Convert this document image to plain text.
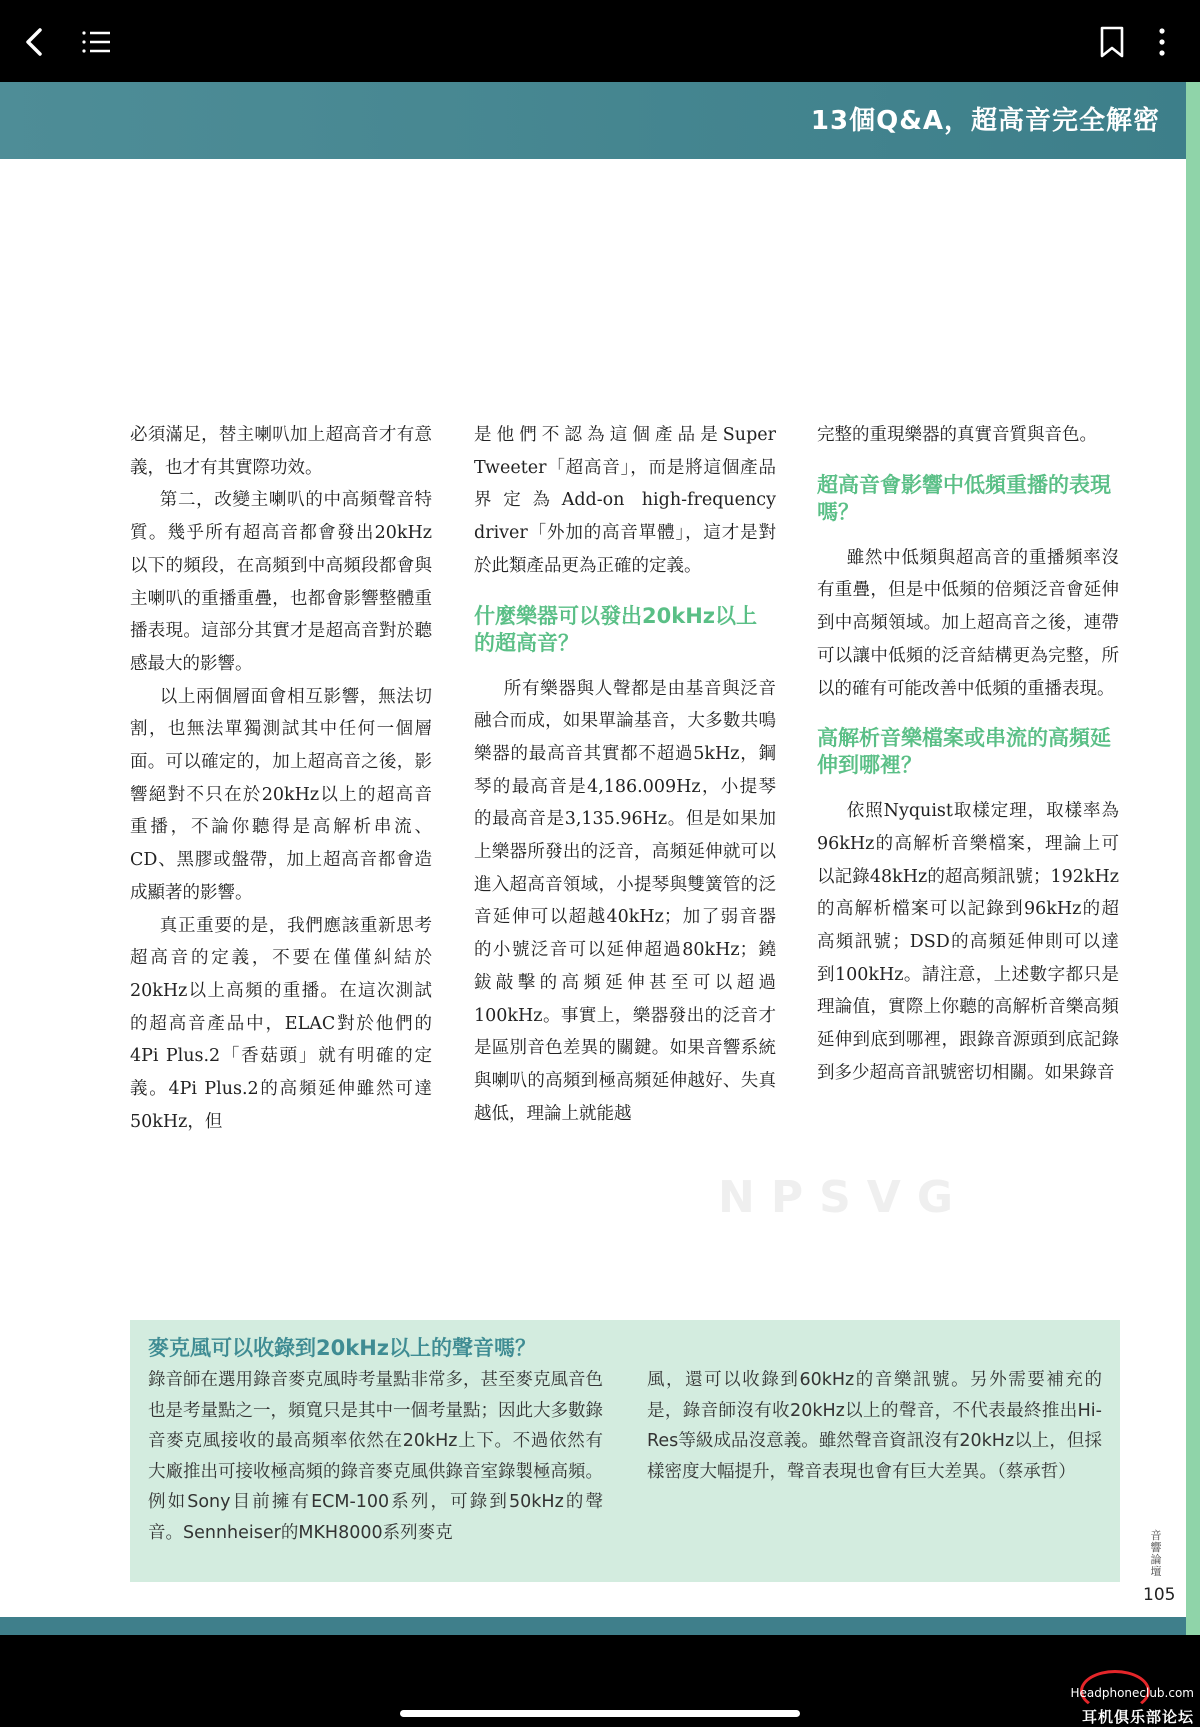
13個Q&A，超高音完全解密

必須滿足，替主喇叭加上超高音才有意義，也才有其實際功效。

第二，改變主喇叭的中高頻聲音特質。幾乎所有超高音都會發出20kHz以下的頻段，在高頻到中高頻段都會與主喇叭的重播重疊，也都會影響整體重播表現。這部分其實才是超高音對於聽感最大的影響。

以上兩個層面會相互影響，無法切割，也無法單獨測試其中任何一個層面。可以確定的，加上超高音之後，影響絕對不只在於20kHz以上的超高音重播，不論你聽得是高解析串流、CD、黑膠或盤帶，加上超高音都會造成顯著的影響。

真正重要的是，我們應該重新思考超高音的定義，不要在僅僅糾結於20kHz以上高頻的重播。在這次測試的超高音產品中，ELAC對於他們的4Pi Plus.2「香菇頭」就有明確的定義。4Pi Plus.2的高頻延伸雖然可達50kHz，但

是他們不認為這個產品是Super Tweeter「超高音」，而是將這個產品界定為Add-on high-frequency driver「外加的高音單體」，這才是對於此類產品更為正確的定義。

什麼樂器可以發出20kHz以上的超高音？

所有樂器與人聲都是由基音與泛音融合而成，如果單論基音，大多數共鳴樂器的最高音其實都不超過5kHz，鋼琴的最高音是4,186.009Hz，小提琴的最高音是3,135.96Hz。但是如果加上樂器所發出的泛音，高頻延伸就可以進入超高音領域，小提琴與雙簧管的泛音延伸可以超越40kHz；加了弱音器的小號泛音可以延伸超過80kHz；鐃鈸敲擊的高頻延伸甚至可以超過100kHz。事實上，樂器發出的泛音才是區別音色差異的關鍵。如果音響系統與喇叭的高頻到極高頻延伸越好、失真越低，理論上就能越

完整的重現樂器的真實音質與音色。

超高音會影響中低頻重播的表現嗎？

雖然中低頻與超高音的重播頻率沒有重疊，但是中低頻的倍頻泛音會延伸到中高頻領域。加上超高音之後，連帶可以讓中低頻的泛音結構更為完整，所以的確有可能改善中低頻的重播表現。

高解析音樂檔案或串流的高頻延伸到哪裡？

依照Nyquist取樣定理，取樣率為96kHz的高解析音樂檔案，理論上可以記錄48kHz的超高頻訊號；192kHz的高解析檔案可以記錄到96kHz的超高頻訊號；DSD的高頻延伸則可以達到100kHz。請注意，上述數字都只是理論值，實際上你聽的高解析音樂高頻延伸到底到哪裡，跟錄音源頭到底記錄到多少超高音訊號密切相關。如果錄音

NPSVG
麥克風可以收錄到20kHz以上的聲音嗎？
錄音師在選用錄音麥克風時考量點非常多，甚至麥克風音色也是考量點之一，頻寬只是其中一個考量點；因此大多數錄音麥克風接收的最高頻率依然在20kHz上下。不過依然有大廠推出可接收極高頻的錄音麥克風供錄音室錄製極高頻。例如Sony目前擁有ECM-100系列，可錄到50kHz的聲音。Sennheiser的MKH8000系列麥克
風，還可以收錄到60kHz的音樂訊號。另外需要補充的是，錄音師沒有收20kHz以上的聲音，不代表最終推出Hi-Res等級成品沒意義。雖然聲音資訊沒有20kHz以上，但採樣密度大幅提升，聲音表現也會有巨大差異。（蔡承哲）
音響論壇
105
Headphoneclub.com
耳机俱乐部论坛
